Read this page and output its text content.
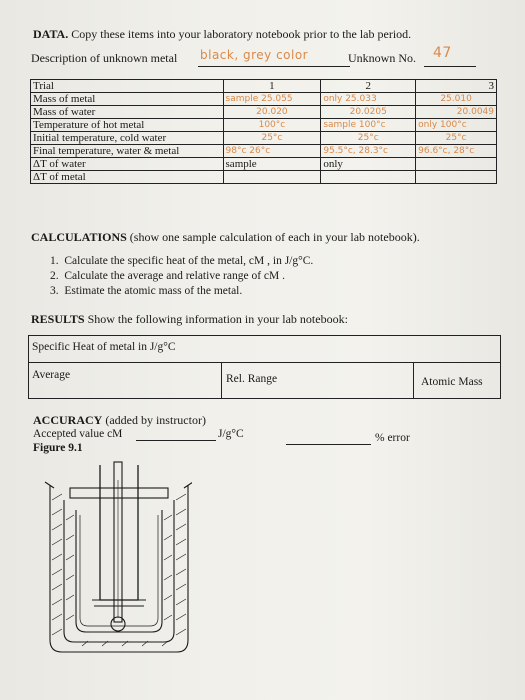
DATA. Copy these items into your laboratory notebook prior to the lab period.
Description of unknown metal black, grey color	Unknown No. 47
Trial	1	2	3
Mass of metal	sample 25.055	only 25.033	25.010
Mass of water	20.020	20.0205	20.0049
Temperature of hot metal	100°c	sample 100°c	only 100°c
Initial temperature, cold water	25°c	25°c	25°c
Final temperature, water & metal	98°c 26°c	95.5°c, 28.3°c	96.6°c, 28°c
ΔT of water	sample	only	
ΔT of metal			
CALCULATIONS (show one sample calculation of each in your lab notebook).
1.  Calculate the specific heat of the metal, cM , in J/g°C.
2.  Calculate the average and relative range of cM .
3.  Estimate the atomic mass of the metal.
RESULTS Show the following information in your lab notebook:
Specific Heat of metal in J/g°C
Average	Rel. Range	Atomic Mass
ACCURACY (added by instructor)
Accepted value cM	J/g°C	% error
Figure 9.1
